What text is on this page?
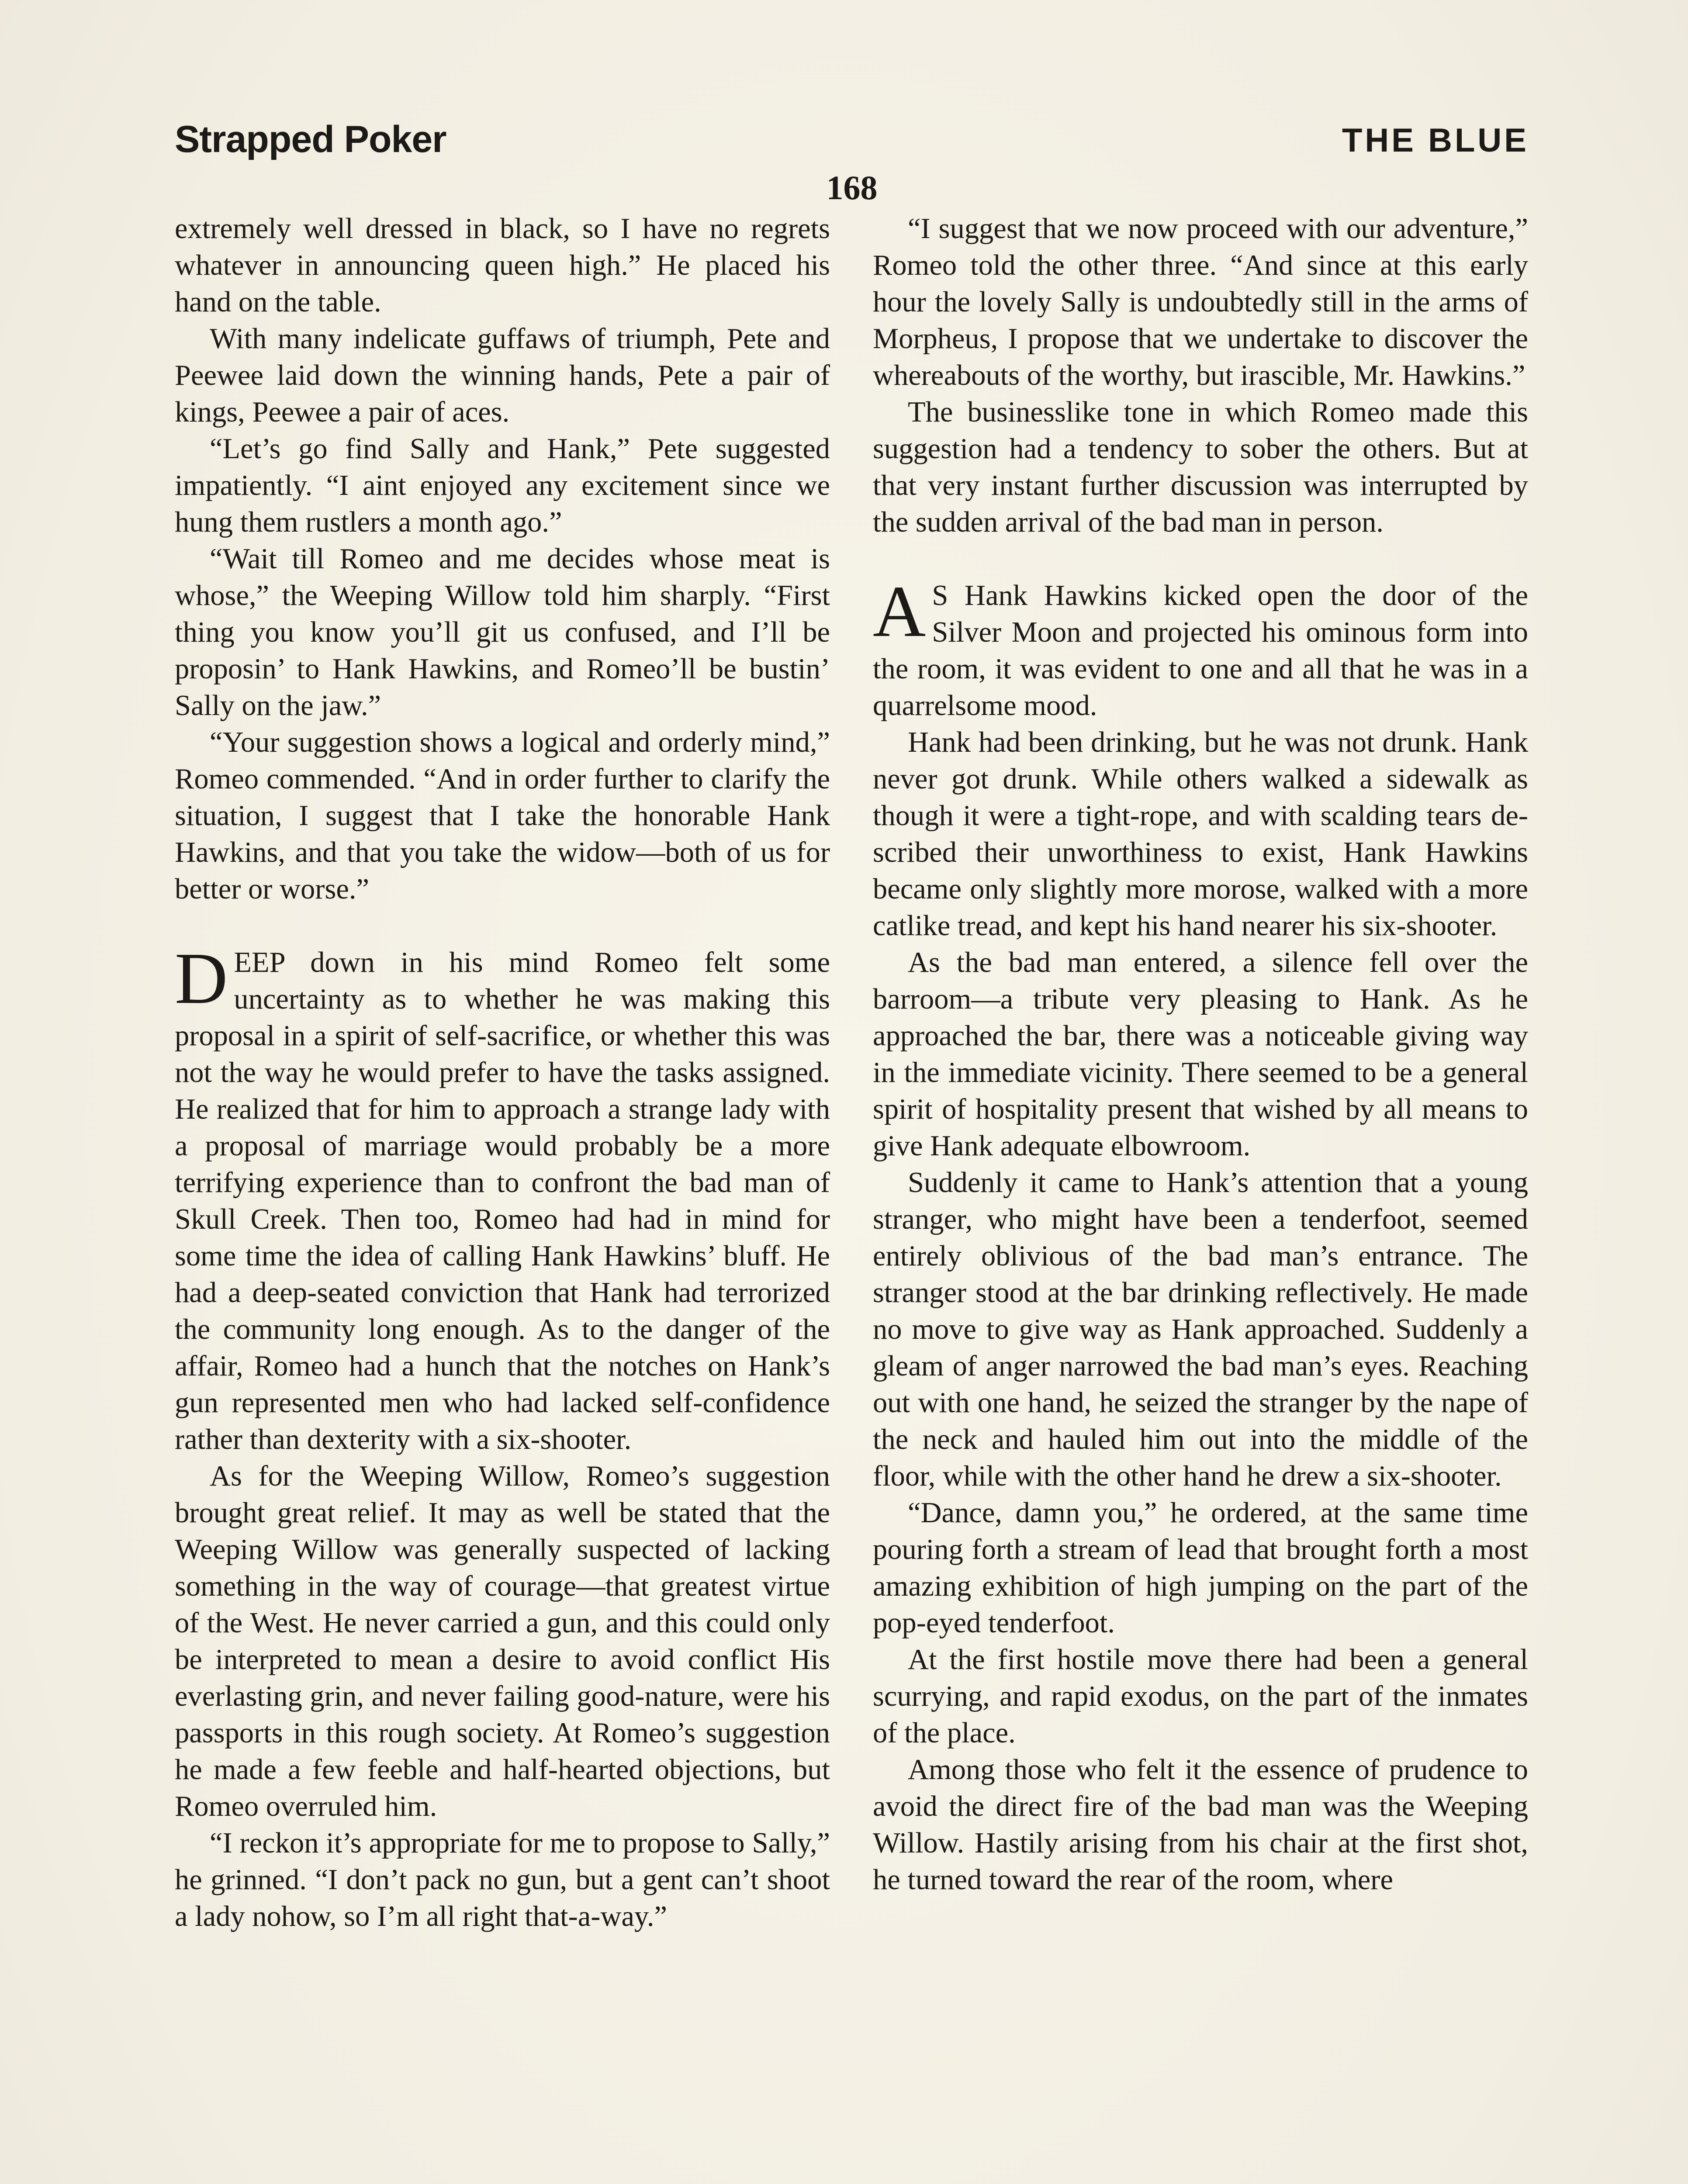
Strapped Poker	THE BLUE
168

extremely well dressed in black, so I have no regrets whatever in announcing queen high.” He placed his hand on the table.

With many indelicate guffaws of triumph, Pete and Peewee laid down the winning hands, Pete a pair of kings, Peewee a pair of aces.

“Let’s go find Sally and Hank,” Pete suggested impatiently. “I aint enjoyed any excitement since we hung them rustlers a month ago.”

“Wait till Romeo and me decides whose meat is whose,” the Weeping Willow told him sharply. “First thing you know you’ll git us confused, and I’ll be proposin’ to Hank Hawkins, and Romeo’ll be bustin’ Sally on the jaw.”

“Your suggestion shows a logical and orderly mind,” Romeo commended. “And in order further to clarify the situation, I suggest that I take the honorable Hank Hawkins, and that you take the widow—both of us for better or worse.”

DEEP down in his mind Romeo felt some uncertainty as to whether he was making this proposal in a spirit of self-sacrifice, or whether this was not the way he would prefer to have the tasks assigned. He realized that for him to approach a strange lady with a proposal of marriage would probably be a more terrifying experience than to confront the bad man of Skull Creek. Then too, Romeo had had in mind for some time the idea of calling Hank Hawkins’ bluff. He had a deep-seated conviction that Hank had terrorized the community long enough. As to the danger of the affair, Romeo had a hunch that the notches on Hank’s gun represented men who had lacked self-confidence rather than dexterity with a six-shooter.

As for the Weeping Willow, Romeo’s suggestion brought great relief. It may as well be stated that the Weeping Willow was generally suspected of lacking something in the way of courage—that greatest virtue of the West. He never carried a gun, and this could only be interpreted to mean a desire to avoid conflict His everlasting grin, and never failing good-nature, were his passports in this rough society. At Romeo’s suggestion he made a few feeble and half-hearted objections, but Romeo overruled him.

“I reckon it’s appropriate for me to propose to Sally,” he grinned. “I don’t pack no gun, but a gent can’t shoot a lady nohow, so I’m all right that-a-way.”

“I suggest that we now proceed with our adventure,” Romeo told the other three. “And since at this early hour the lovely Sally is undoubtedly still in the arms of Morpheus, I propose that we undertake to discover the whereabouts of the worthy, but irascible, Mr. Hawkins.”

The businesslike tone in which Romeo made this suggestion had a tendency to sober the others. But at that very instant further discussion was interrupted by the sudden arrival of the bad man in person.

A S Hank Hawkins kicked open the door of the Silver Moon and projected his ominous form into the room, it was evident to one and all that he was in a quarrelsome mood.

Hank had been drinking, but he was not drunk. Hank never got drunk. While others walked a sidewalk as though it were a tight-rope, and with scalding tears described their unworthiness to exist, Hank Hawkins became only slightly more morose, walked with a more catlike tread, and kept his hand nearer his six-shooter.

As the bad man entered, a silence fell over the barroom—a tribute very pleasing to Hank. As he approached the bar, there was a noticeable giving way in the immediate vicinity. There seemed to be a general spirit of hospitality present that wished by all means to give Hank adequate elbowroom.

Suddenly it came to Hank’s attention that a young stranger, who might have been a tenderfoot, seemed entirely oblivious of the bad man’s entrance. The stranger stood at the bar drinking reflectively. He made no move to give way as Hank approached. Suddenly a gleam of anger narrowed the bad man’s eyes. Reaching out with one hand, he seized the stranger by the nape of the neck and hauled him out into the middle of the floor, while with the other hand he drew a six-shooter.

“Dance, damn you,” he ordered, at the same time pouring forth a stream of lead that brought forth a most amazing exhibition of high jumping on the part of the pop-eyed tenderfoot.

At the first hostile move there had been a general scurrying, and rapid exodus, on the part of the inmates of the place.

Among those who felt it the essence of prudence to avoid the direct fire of the bad man was the Weeping Willow. Hastily arising from his chair at the first shot, he turned toward the rear of the room, where
